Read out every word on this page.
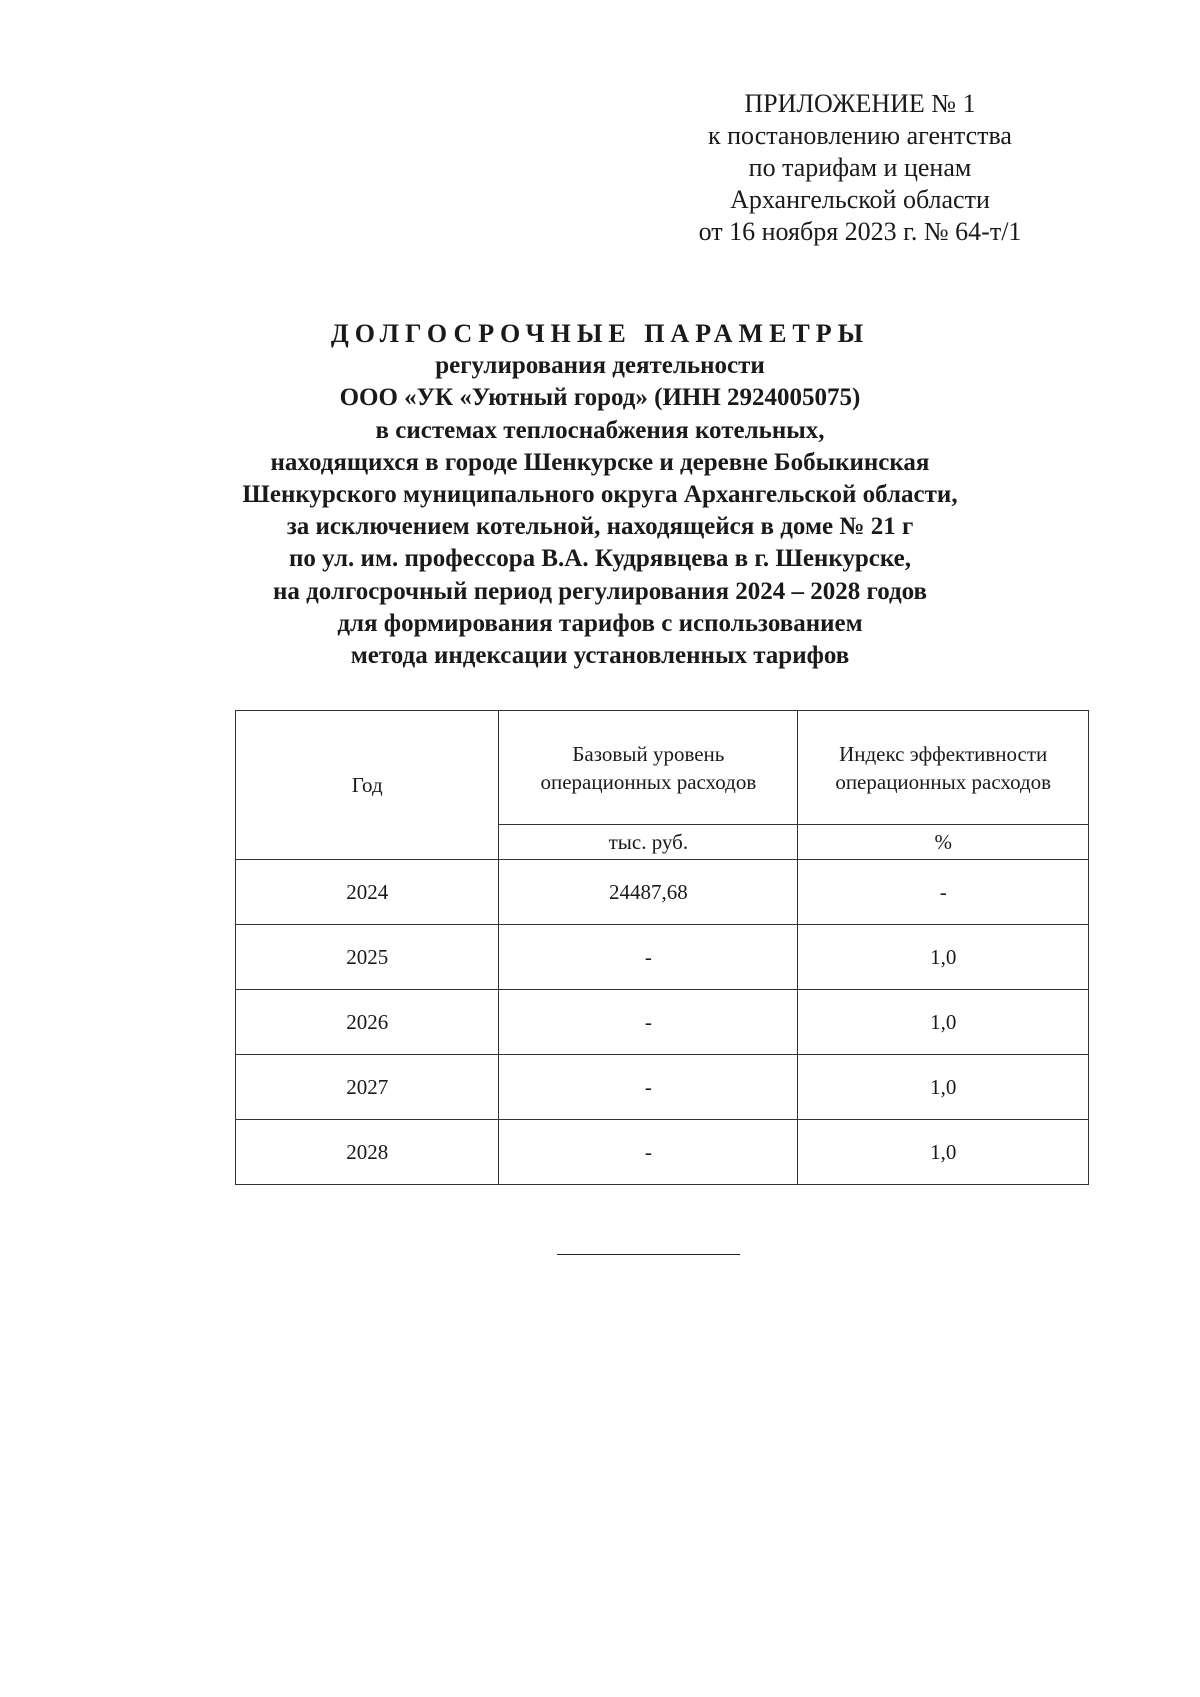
ПРИЛОЖЕНИЕ № 1
к постановлению агентства
по тарифам и ценам
Архангельской области
от 16 ноября 2023 г. № 64-т/1
ДОЛГОСРОЧНЫЕ ПАРАМЕТРЫ
регулирования деятельности
ООО «УК «Уютный город» (ИНН 2924005075)
в системах теплоснабжения котельных,
находящихся в городе Шенкурске и деревне Бобыкинская
Шенкурского муниципального округа Архангельской области,
за исключением котельной, находящейся в доме № 21 г
по ул. им. профессора В.А. Кудрявцева в г. Шенкурске,
на долгосрочный период регулирования 2024 – 2028 годов
для формирования тарифов с использованием
метода индексации установленных тарифов
Год	Базовый уровень операционных расходов	Индекс эффективности операционных расходов
	тыс. руб.	%
2024	24487,68	-
2025	-	1,0
2026	-	1,0
2027	-	1,0
2028	-	1,0
